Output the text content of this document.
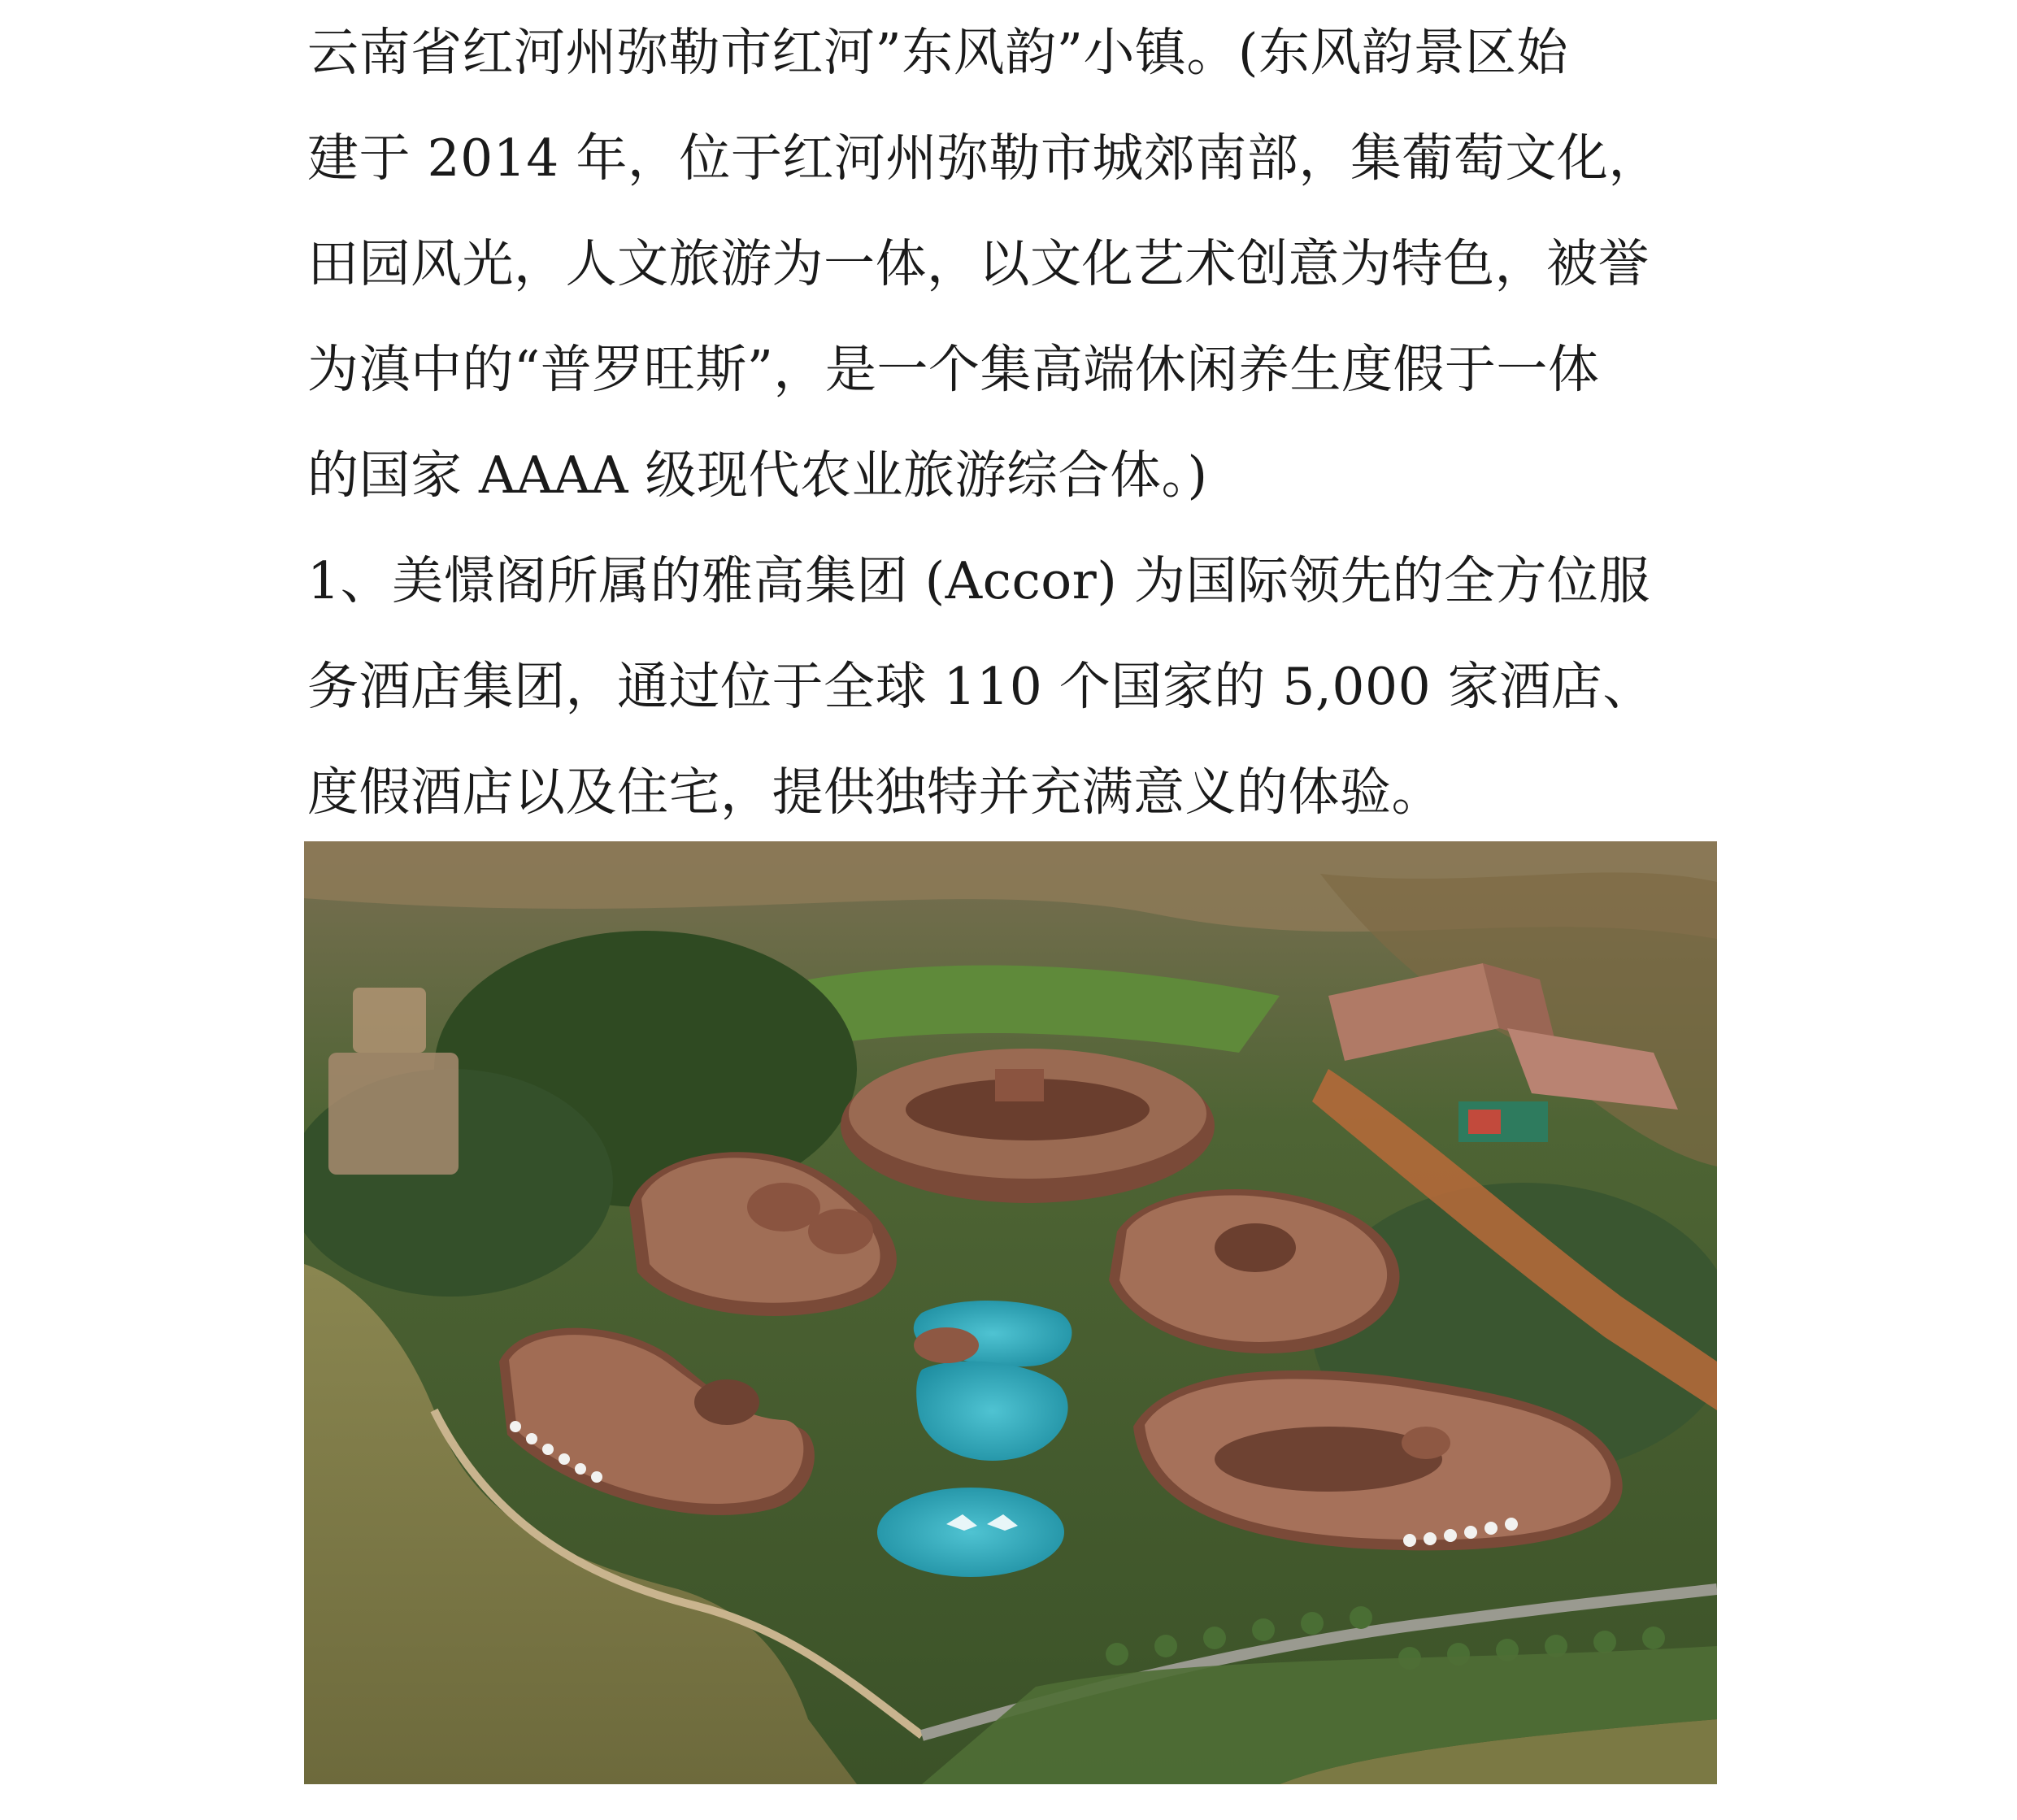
云南省红河州弥勒市红河”东风韵”小镇。(东风韵景区始
建于 2014 年，位于红河州弥勒市城郊南部，集葡萄文化，
田园风光，人文旅游为一体，以文化艺术创意为特色，被誉
为滇中的“普罗旺斯”，是一个集高端休闲养生度假于一体
的国家 AAAA 级现代农业旅游综合体。)
1、美憬阁所属的雅高集团 (Accor) 为国际领先的全方位服
务酒店集团，通过位于全球 110 个国家的 5,000 家酒店、
度假酒店以及住宅，提供独特并充满意义的体验。
